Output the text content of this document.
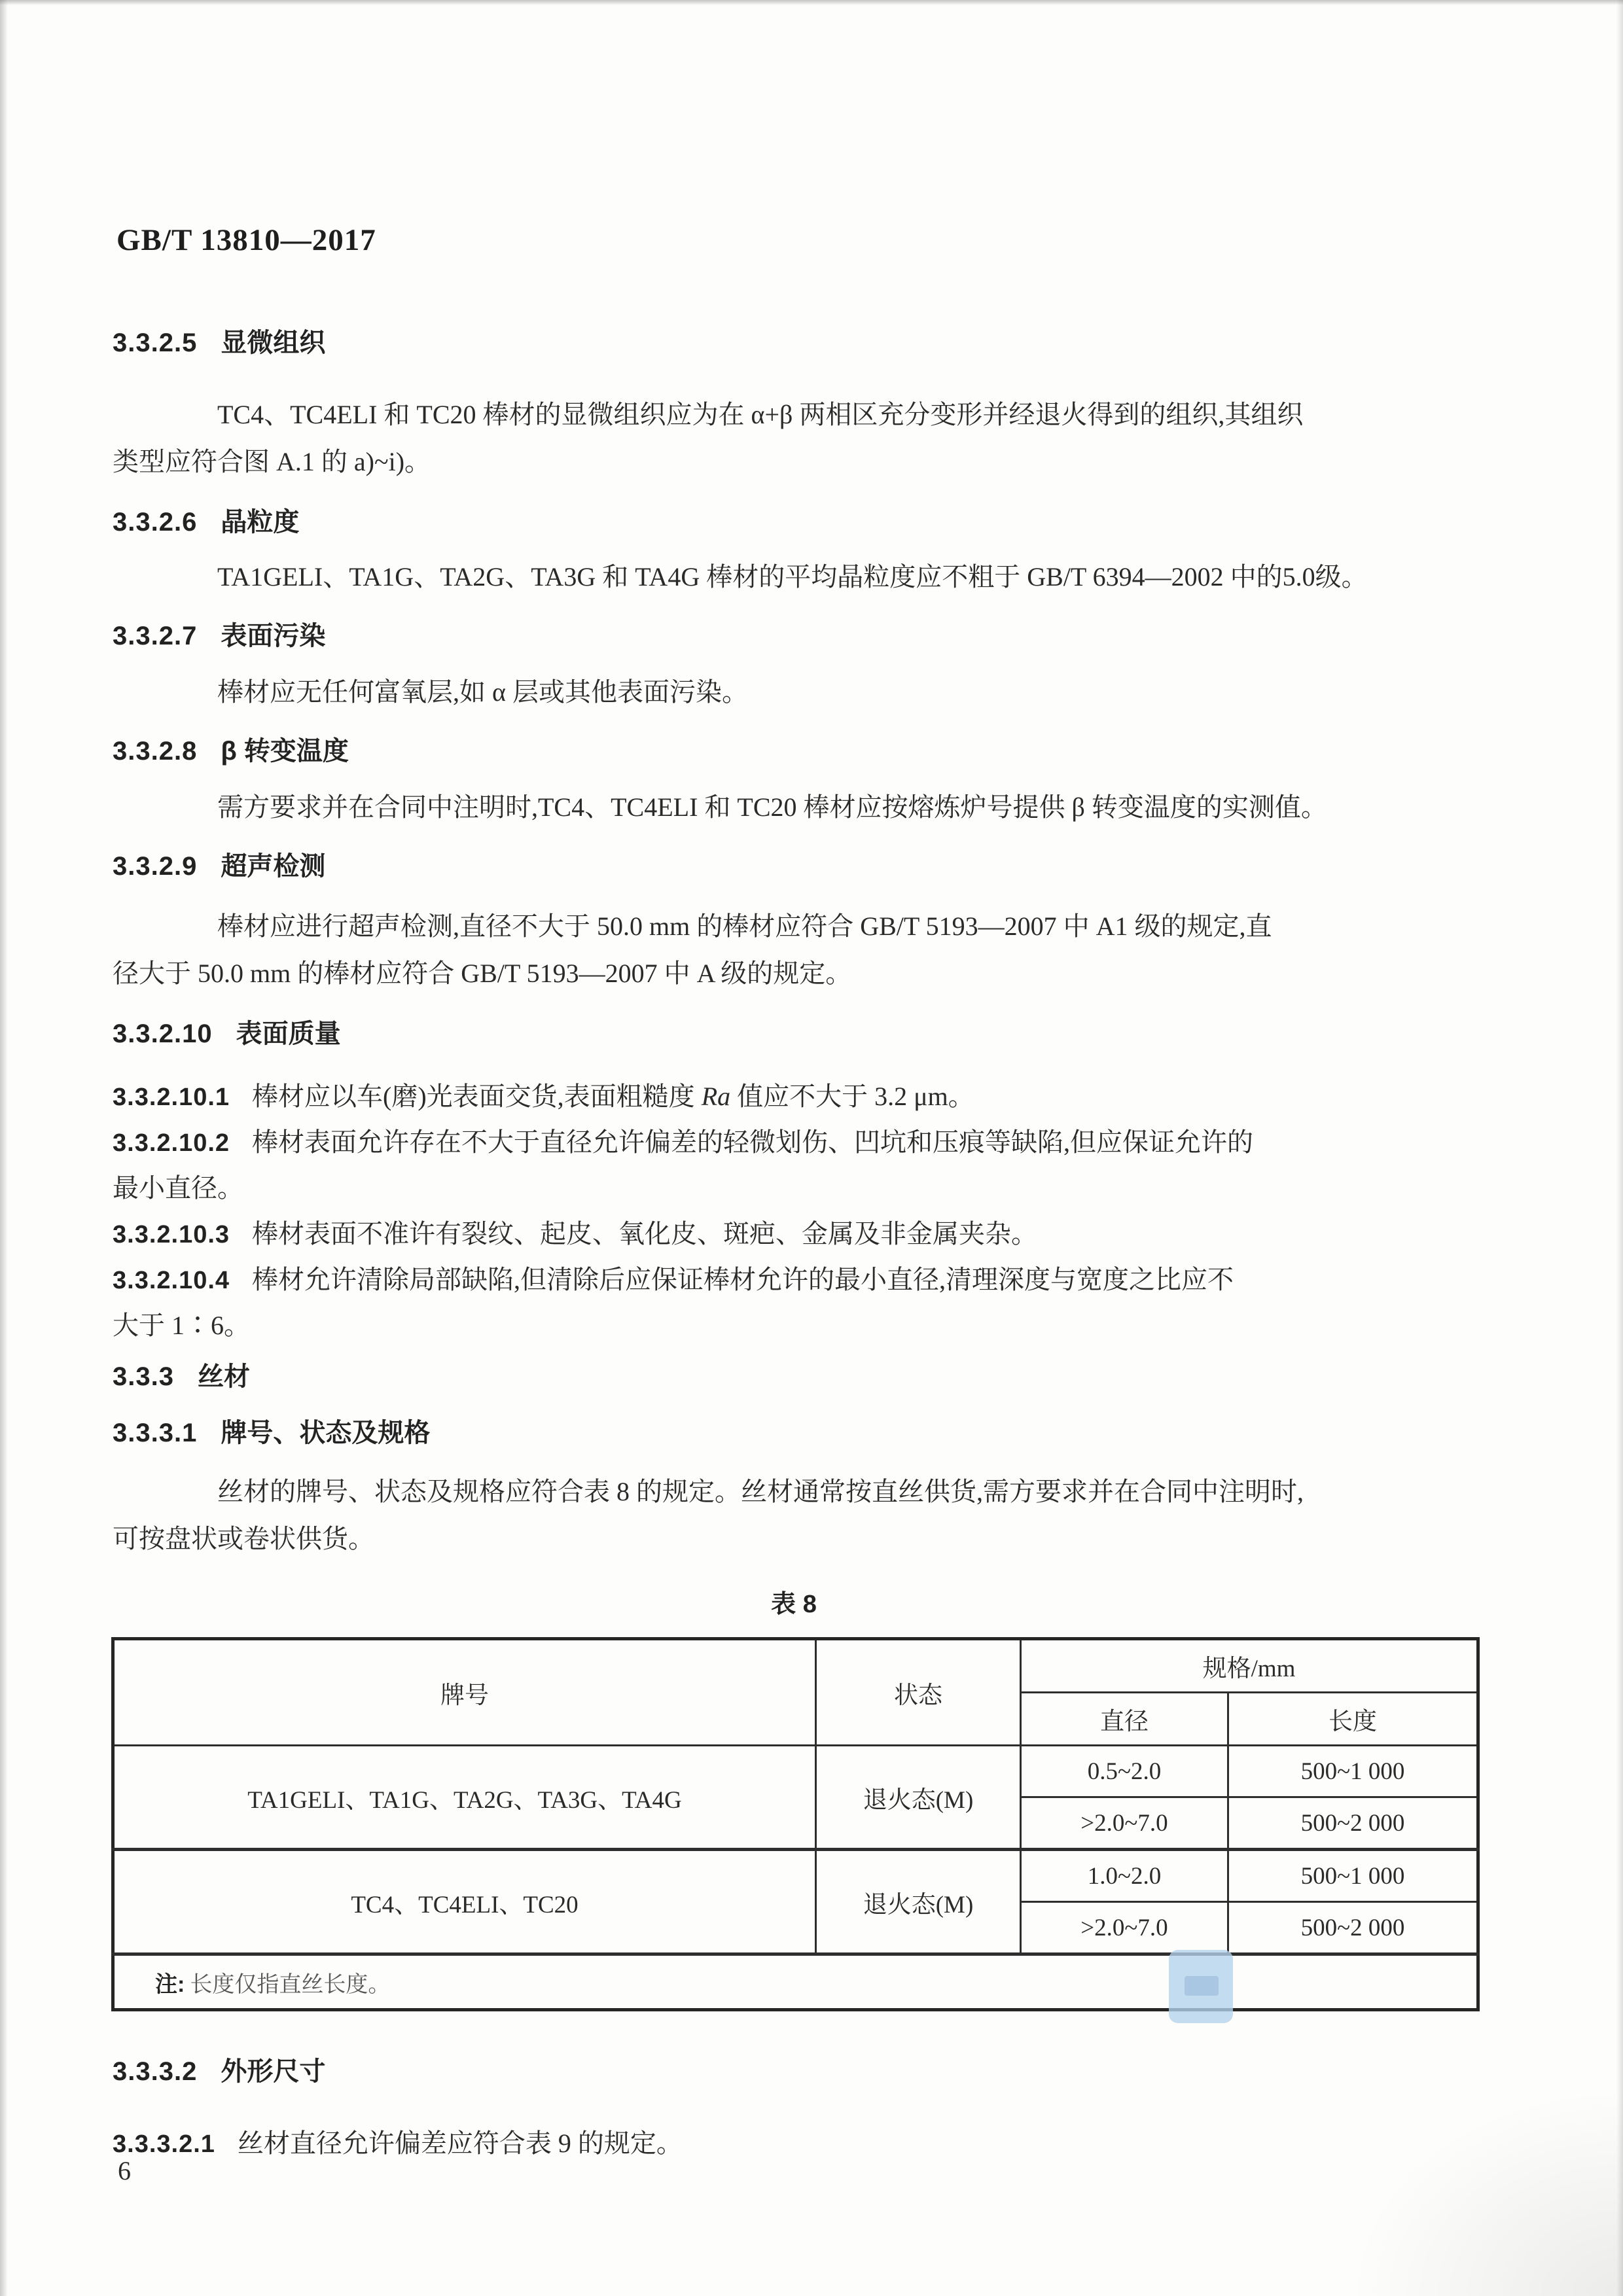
GB/T 13810—2017
3.3.2.5 显微组织
TC4、TC4ELI 和 TC20 棒材的显微组织应为在 α+β 两相区充分变形并经退火得到的组织,其组织
类型应符合图 A.1 的 a)~i)。
3.3.2.6 晶粒度
TA1GELI、TA1G、TA2G、TA3G 和 TA4G 棒材的平均晶粒度应不粗于 GB/T 6394—2002 中的5.0级。
3.3.2.7 表面污染
棒材应无任何富氧层,如 α 层或其他表面污染。
3.3.2.8 β 转变温度
需方要求并在合同中注明时,TC4、TC4ELI 和 TC20 棒材应按熔炼炉号提供 β 转变温度的实测值。
3.3.2.9 超声检测
棒材应进行超声检测,直径不大于 50.0 mm 的棒材应符合 GB/T 5193—2007 中 A1 级的规定,直
径大于 50.0 mm 的棒材应符合 GB/T 5193—2007 中 A 级的规定。
3.3.2.10 表面质量
3.3.2.10.1 棒材应以车(磨)光表面交货,表面粗糙度 Ra 值应不大于 3.2 μm。
3.3.2.10.2 棒材表面允许存在不大于直径允许偏差的轻微划伤、凹坑和压痕等缺陷,但应保证允许的
最小直径。
3.3.2.10.3 棒材表面不准许有裂纹、起皮、氧化皮、斑疤、金属及非金属夹杂。
3.3.2.10.4 棒材允许清除局部缺陷,但清除后应保证棒材允许的最小直径,清理深度与宽度之比应不
大于 1∶6。
3.3.3 丝材
3.3.3.1 牌号、状态及规格
丝材的牌号、状态及规格应符合表 8 的规定。丝材通常按直丝供货,需方要求并在合同中注明时,
可按盘状或卷状供货。
表 8
牌号	状态	规格/mm	
		直径	长度
TA1GELI、TA1G、TA2G、TA3G、TA4G	退火态(M)	0.5~2.0	500~1 000
		>2.0~7.0	500~2 000
TC4、TC4ELI、TC20	退火态(M)	1.0~2.0	500~1 000
		>2.0~7.0	500~2 000
注: 长度仅指直丝长度。			
3.3.3.2 外形尺寸
3.3.3.2.1 丝材直径允许偏差应符合表 9 的规定。
6
